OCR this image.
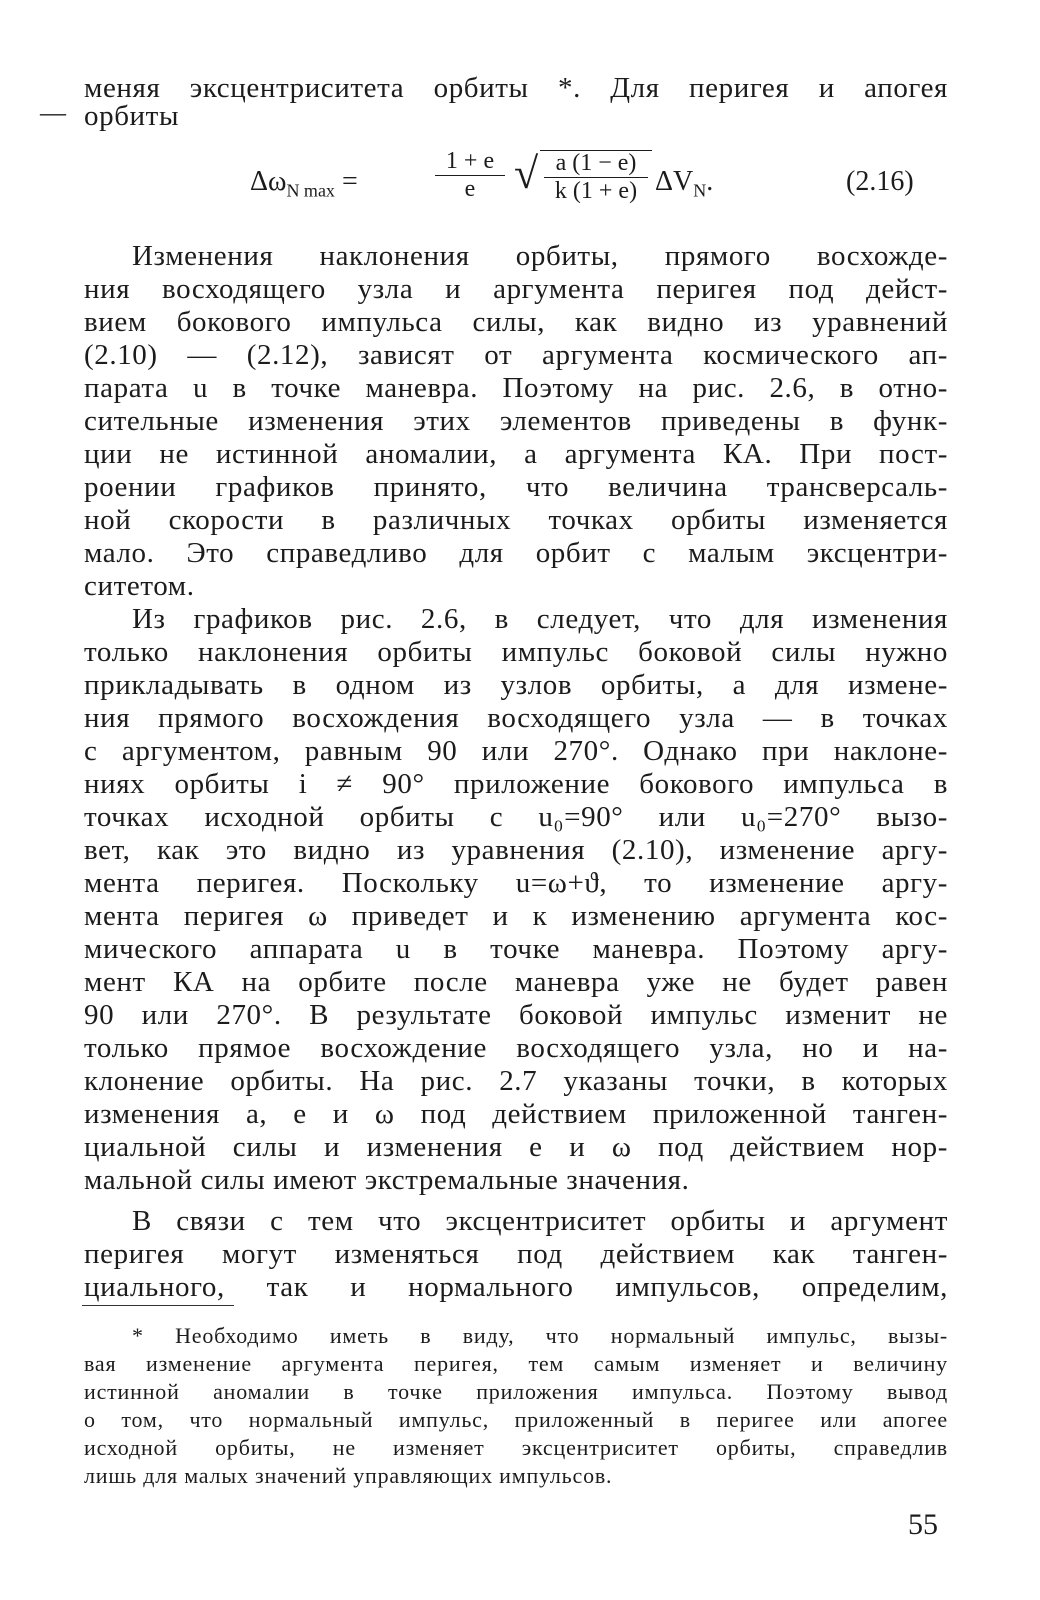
меняя эксцентриситета орбиты *. Для перигея и апогея
— орбиты
$\Delta\omega_{N max}$ =	$\frac{1 + e}{e}$ √ $\frac{a (1 - e)}{k (1 + e)} \Delta V_N$.	(2.16)
Изменения наклонения орбиты, прямого восхожде-
ния восходящего узла и аргумента перигея под дейст-
вием бокового импульса силы, как видно из уравнений
(2.10) — (2.12), зависят от аргумента космического ап-
парата u в точке маневра. Поэтому на рис. 2.6, в отно-
сительные изменения этих элементов приведены в функ-
ции не истинной аномалии, а аргумента КА. При пост-
роении графиков принято, что величина трансверсаль-
ной скорости в различных точках орбиты изменяется
мало. Это справедливо для орбит с малым эксцентри-
ситетом.
Из графиков рис. 2.6, в следует, что для изменения
только наклонения орбиты импульс боковой силы нужно
прикладывать в одном из узлов орбиты, а для измене-
ния прямого восхождения восходящего узла — в точках
с аргументом, равным 90 или 270°. Однако при наклоне-
ниях орбиты i ≠ 90° приложение бокового импульса в
точках исходной орбиты с u₀=90° или u₀=270° вызо-
вет, как это видно из уравнения (2.10), изменение аргу-
мента перигея. Поскольку u=ω+ϑ, то изменение аргу-
мента перигея ω приведет и к изменению аргумента кос-
мического аппарата u в точке маневра. Поэтому аргу-
мент КА на орбите после маневра уже не будет равен
90 или 270°. В результате боковой импульс изменит не
только прямое восхождение восходящего узла, но и на-
клонение орбиты. На рис. 2.7 указаны точки, в которых
изменения a, e и ω под действием приложенной танген-
циальной силы и изменения e и ω под действием нор-
мальной силы имеют экстремальные значения.
В связи с тем что эксцентриситет орбиты и аргумент
перигея могут изменяться под действием как танген-
циального, так и нормального импульсов, определим,
* Необходимо иметь в виду, что нормальный импульс, вызы-
вая изменение аргумента перигея, тем самым изменяет и величину
истинной аномалии в точке приложения импульса. Поэтому вывод
о том, что нормальный импульс, приложенный в перигее или апогее
исходной орбиты, не изменяет эксцентриситет орбиты, справедлив
лишь для малых значений управляющих импульсов.
55
